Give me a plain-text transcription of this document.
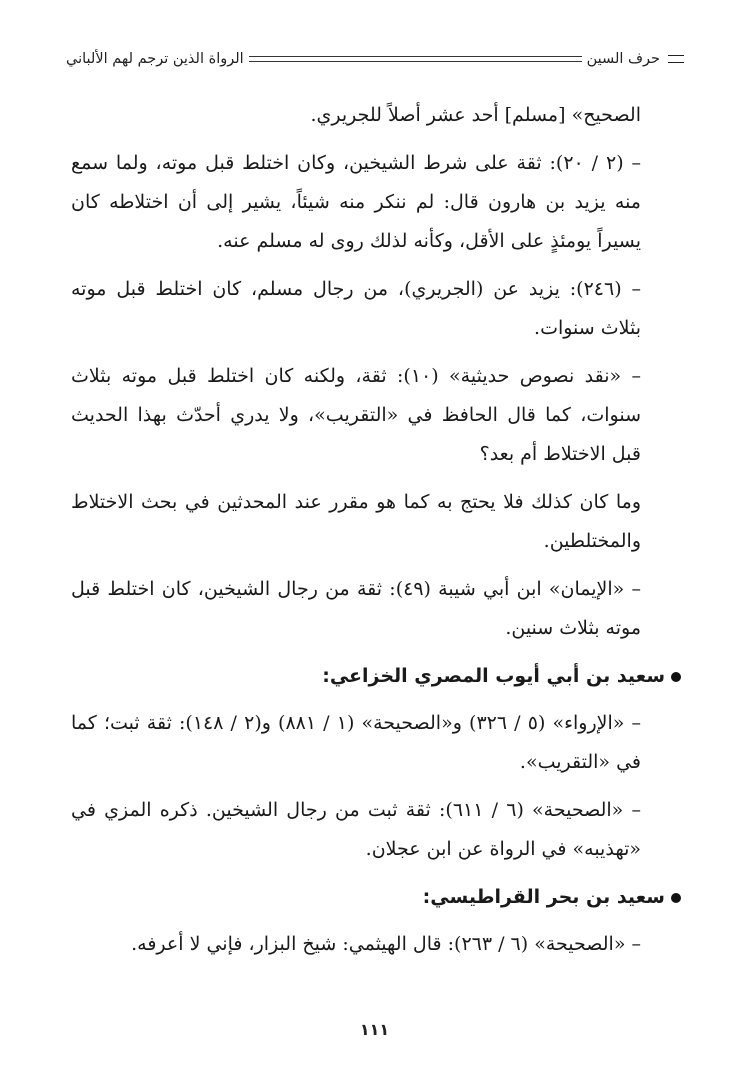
حرف السين
الرواة الذين ترجم لهم الألباني

الصحيح» [مسلم] أحد عشر أصلاً للجريري.

– (٢ / ٢٠): ثقة على شرط الشيخين، وكان اختلط قبل موته، ولما سمع منه يزيد بن هارون قال: لم ننكر منه شيئاً، يشير إلى أن اختلاطه كان يسيراً يومئذٍ على الأقل، وكأنه لذلك روى له مسلم عنه.

– (٢٤٦): يزيد عن (الجريري)، من رجال مسلم، كان اختلط قبل موته بثلاث سنوات.

– «نقد نصوص حديثية» (١٠): ثقة، ولكنه كان اختلط قبل موته بثلاث سنوات، كما قال الحافظ في «التقريب»، ولا يدري أحدّث بهذا الحديث قبل الاختلاط أم بعد؟

وما كان كذلك فلا يحتج به كما هو مقرر عند المحدثين في بحث الاختلاط والمختلطين.

– «الإيمان» ابن أبي شيبة (٤٩): ثقة من رجال الشيخين، كان اختلط قبل موته بثلاث سنين.

سعيد بن أبي أيوب المصري الخزاعي:

– «الإرواء» (٥ / ٣٢٦) و«الصحيحة» (١ / ٨٨١) و(٢ / ١٤٨): ثقة ثبت؛ كما في «التقريب».

– «الصحيحة» (٦ / ٦١١): ثقة ثبت من رجال الشيخين. ذكره المزي في «تهذيبه» في الرواة عن ابن عجلان.

سعيد بن بحر القراطيسي:

– «الصحيحة» (٦ / ٢٦٣): قال الهيثمي: شيخ البزار، فإني لا أعرفه.

١١١
